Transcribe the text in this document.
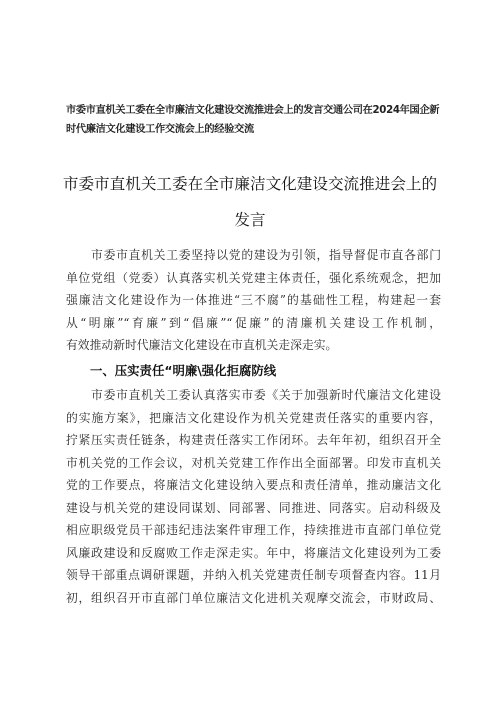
市委市直机关工委在全市廉洁文化建设交流推进会上的发言交通公司在2024年国企新
时代廉洁文化建设工作交流会上的经验交流
市委市直机关工委在全市廉洁文化建设交流推进会上的
发言
　　市委市直机关工委坚持以党的建设为引领，指导督促市直各部门
单位党组（党委）认真落实机关党建主体责任，强化系统观念，把加
强廉洁文化建设作为一体推进“三不腐”的基础性工程，构建起一套
从“明廉”“育廉”到“倡廉”“促廉”的清廉机关建设工作机制，
有效推动新时代廉洁文化建设在市直机关走深走实。
一、压实责任“明廉\强化拒腐防线
　　市委市直机关工委认真落实市委《关于加强新时代廉洁文化建设
的实施方案》，把廉洁文化建设作为机关党建责任落实的重要内容，
拧紧压实责任链条，构建责任落实工作闭环。去年年初，组织召开全
市机关党的工作会议，对机关党建工作作出全面部署。印发市直机关
党的工作要点，将廉洁文化建设纳入要点和责任清单，推动廉洁文化
建设与机关党的建设同谋划、同部署、同推进、同落实。启动科级及
相应职级党员干部违纪违法案件审理工作，持续推进市直部门单位党
风廉政建设和反腐败工作走深走实。年中，将廉洁文化建设列为工委
领导干部重点调研课题，并纳入机关党建责任制专项督查内容。11月
初，组织召开市直部门单位廉洁文化进机关观摩交流会，市财政局、
